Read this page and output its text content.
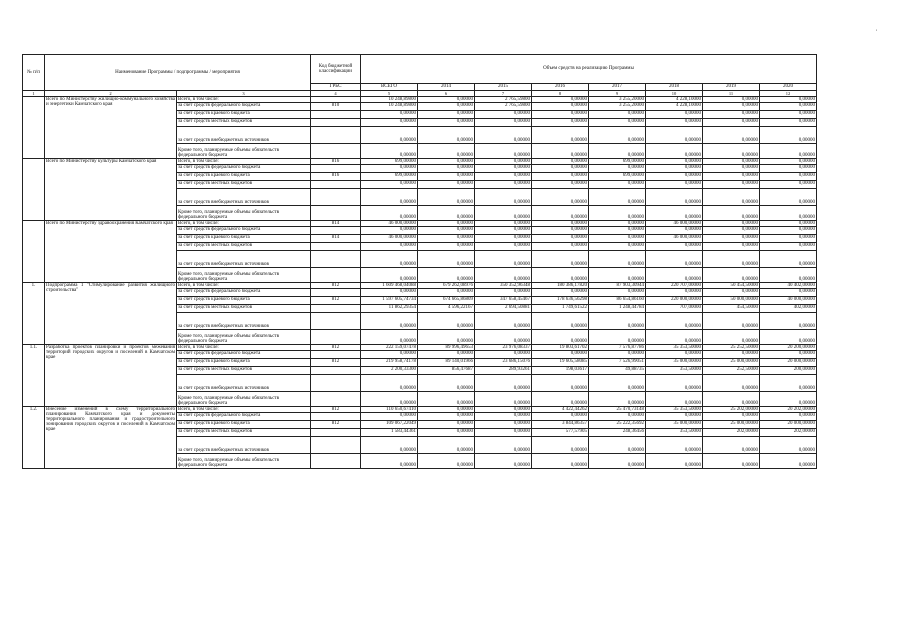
'
№ п/п	Наименование Программы / подпрограммы / мероприятия		Код бюджетной классификации	Объем средств на реализацию Программы							
			ГРБС	ВСЕГО	2014	2015	2016	2017	2018	2019	2020
1	2	3	4	5	6	7	8	9	10	11	12
	Всего по Министерству жилищно-коммунального хозяйства и энергетики Камчатского края	Всего, в том числе:		10 248,89800	0,00000	2 765,59800	0,00000	3 255,20000	4 228,10000	0,00000	0,00000
		за счет средств федерального бюджета	810	10 248,89800	0,00000	2 765,59800	0,00000	3 255,20000	4 228,10000	0,00000	0,00000
		за счет средств краевого бюджета		0,00000	0,00000	0,00000	0,00000	0,00000	0,00000	0,00000	0,00000
		за счет средств местных бюджетов		0,00000	0,00000	0,00000	0,00000	0,00000	0,00000	0,00000	0,00000
		за счет средств внебюджетных источников		0,00000	0,00000	0,00000	0,00000	0,00000	0,00000	0,00000	0,00000
		Кроме того, планируемые объемы обязательств федерального бюджета		0,00000	0,00000	0,00000	0,00000	0,00000	0,00000	0,00000	0,00000
	Всего по Министерству культуры Камчатского края	Всего, в том числе:	816	699,00000	0,00000	0,00000	0,00000	699,00000	0,00000	0,00000	0,00000
		за счет средств федерального бюджета		0,00000	0,00000	0,00000	0,00000	0,00000	0,00000	0,00000	0,00000
		за счет средств краевого бюджета	816	699,00000	0,00000	0,00000	0,00000	699,00000	0,00000	0,00000	0,00000
		за счет средств местных бюджетов		0,00000	0,00000	0,00000	0,00000	0,00000	0,00000	0,00000	0,00000
		за счет средств внебюджетных источников		0,00000	0,00000	0,00000	0,00000	0,00000	0,00000	0,00000	0,00000
		Кроме того, планируемые объемы обязательств федерального бюджета		0,00000	0,00000	0,00000	0,00000	0,00000	0,00000	0,00000	0,00000
	Всего по Министерству здравоохранения Камчатского края	Всего, в том числе:	814	46 000,00000	0,00000	0,00000	0,00000	0,00000	46 000,00000	0,00000	0,00000
		за счет средств федерального бюджета		0,00000	0,00000	0,00000	0,00000	0,00000	0,00000	0,00000	0,00000
		за счет средств краевого бюджета	814	46 000,00000	0,00000	0,00000	0,00000	0,00000	46 000,00000	0,00000	0,00000
		за счет средств местных бюджетов		0,00000	0,00000	0,00000	0,00000	0,00000	0,00000	0,00000	0,00000
		за счет средств внебюджетных источников		0,00000	0,00000	0,00000	0,00000	0,00000	0,00000	0,00000	0,00000
		Кроме того, планируемые объемы обязательств федерального бюджета		0,00000	0,00000	0,00000	0,00000	0,00000	0,00000	0,00000	0,00000
1.	Подпрограмма 1 "Стимулирование развития жилищного строительства"	Всего, в том числе:	812	1 609 468,04088	679 262,08976	350 352,96348	180 386,17820	87 903,30944	220 707,00000	50 454,50000	40 402,00000
		за счет средств федерального бюджета		0,00000	0,00000	0,00000	0,00000	0,00000	0,00000	0,00000	0,00000
		за счет средств краевого бюджета	812	1 597 605,74734	674 665,86809	347 658,45467	178 636,56298	86 654,86160	220 000,00000	50 000,00000	40 000,00000
		за счет средств местных бюджетов		11 862,29354	4 596,22167	2 694,50881	1 749,61522	1 248,44784	707,00000	454,50000	402,00000
		за счет средств внебюджетных источников		0,00000	0,00000	0,00000	0,00000	0,00000	0,00000	0,00000	0,00000
		Кроме того, планируемые объемы обязательств федерального бюджета		0,00000	0,00000	0,00000	0,00000	0,00000	0,00000	0,00000	0,00000
1.1.	Разработка проектов планировки и проектов межевания территорий городских округов и поселений в Камчатском крае	Всего, в том числе:	812	222 159,07478	89 996,49653	23 976,08337	19 803,61702	7 576,87786	35 353,50000	25 252,50000	20 200,00000
		за счет средств федерального бюджета		0,00000	0,00000	0,00000	0,00000	0,00000	0,00000	0,00000	0,00000
		за счет средств краевого бюджета	812	219 958,74178	89 140,01966	23 686,15076	19 605,58085	7 526,99051	35 000,00000	25 000,00000	20 000,00000
		за счет средств местных бюджетов		2 200,33300	856,47687	289,93261	198,03617	49,88735	353,50000	252,50000	200,00000
		за счет средств внебюджетных источников		0,00000	0,00000	0,00000	0,00000	0,00000	0,00000	0,00000	0,00000
		Кроме того, планируемые объемы обязательств федерального бюджета		0,00000	0,00000	0,00000	0,00000	0,00000	0,00000	0,00000	0,00000
1.2.	Внесение изменений в схему территориального планирования Камчатского края и документы территориального планирования и градостроительного зонирования городских округов и поселений в Камчатском крае	Всего, в том числе:	812	110 650,67410	0,00000	0,00000	4 422,44262	25 470,73148	35 353,50000	25 202,00000	20 202,00000
		за счет средств федерального бюджета		0,00000	0,00000	0,00000	0,00000	0,00000	0,00000	0,00000	0,00000
		за счет средств краевого бюджета	812	109 067,22049	0,00000	0,00000	3 844,86357	25 222,35692	35 000,00000	25 000,00000	20 000,00000
		за счет средств местных бюджетов		1 583,44361	0,00000	0,00000	577,57905	248,36456	353,50000	202,00000	202,00000
		за счет средств внебюджетных источников		0,00000	0,00000	0,00000	0,00000	0,00000	0,00000	0,00000	0,00000
		Кроме того, планируемые объемы обязательств федерального бюджета		0,00000	0,00000	0,00000	0,00000	0,00000	0,00000	0,00000	0,00000
